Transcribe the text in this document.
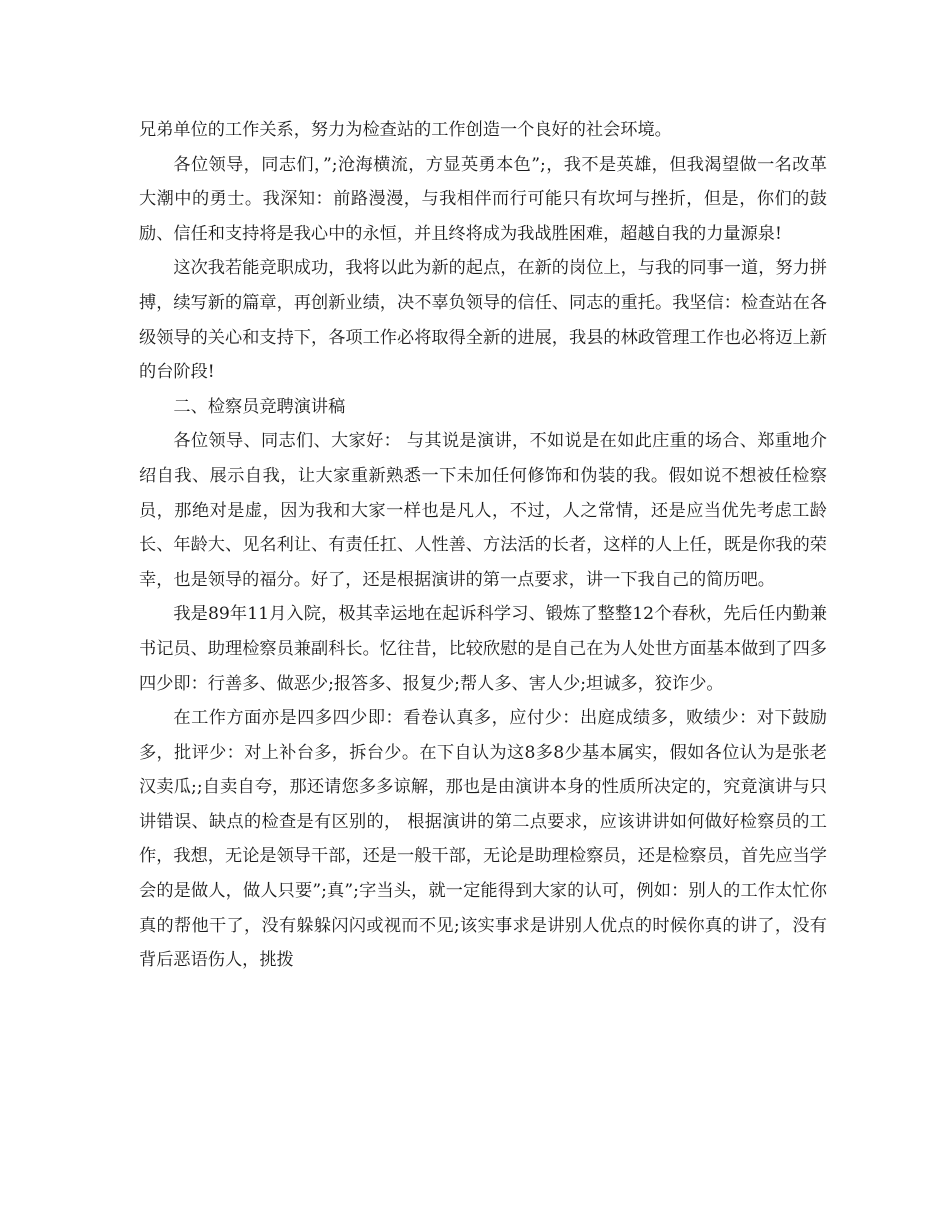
兄弟单位的工作关系，努力为检查站的工作创造一个良好的社会环境。

各位领导，同志们，”;沧海横流，方显英勇本色”;，我不是英雄，但我渴望做一名改革大潮中的勇士。我深知：前路漫漫，与我相伴而行可能只有坎坷与挫折，但是，你们的鼓励、信任和支持将是我心中的永恒，并且终将成为我战胜困难，超越自我的力量源泉!

这次我若能竞职成功，我将以此为新的起点，在新的岗位上，与我的同事一道，努力拼搏，续写新的篇章，再创新业绩，决不辜负领导的信任、同志的重托。我坚信：检查站在各级领导的关心和支持下，各项工作必将取得全新的进展，我县的林政管理工作也必将迈上新的台阶段!

二、检察员竞聘演讲稿

各位领导、同志们、大家好： 与其说是演讲，不如说是在如此庄重的场合、郑重地介绍自我、展示自我，让大家重新熟悉一下未加任何修饰和伪装的我。假如说不想被任检察员，那绝对是虚，因为我和大家一样也是凡人，不过，人之常情，还是应当优先考虑工龄长、年龄大、见名利让、有责任扛、人性善、方法活的长者，这样的人上任，既是你我的荣幸，也是领导的福分。好了，还是根据演讲的第一点要求，讲一下我自己的简历吧。

我是89年11月入院，极其幸运地在起诉科学习、锻炼了整整12个春秋，先后任内勤兼书记员、助理检察员兼副科长。忆往昔，比较欣慰的是自己在为人处世方面基本做到了四多四少即：行善多、做恶少;报答多、报复少;帮人多、害人少;坦诚多，狡诈少。

在工作方面亦是四多四少即：看卷认真多，应付少：出庭成绩多，败绩少：对下鼓励多，批评少：对上补台多，拆台少。在下自认为这8多8少基本属实，假如各位认为是张老汉卖瓜;;自卖自夸，那还请您多多谅解，那也是由演讲本身的性质所决定的，究竟演讲与只讲错误、缺点的检查是有区别的， 根据演讲的第二点要求，应该讲讲如何做好检察员的工作，我想，无论是领导干部，还是一般干部，无论是助理检察员，还是检察员，首先应当学会的是做人，做人只要”;真”;字当头，就一定能得到大家的认可，例如：别人的工作太忙你真的帮他干了，没有躲躲闪闪或视而不见;该实事求是讲别人优点的时候你真的讲了，没有背后恶语伤人，挑拨
